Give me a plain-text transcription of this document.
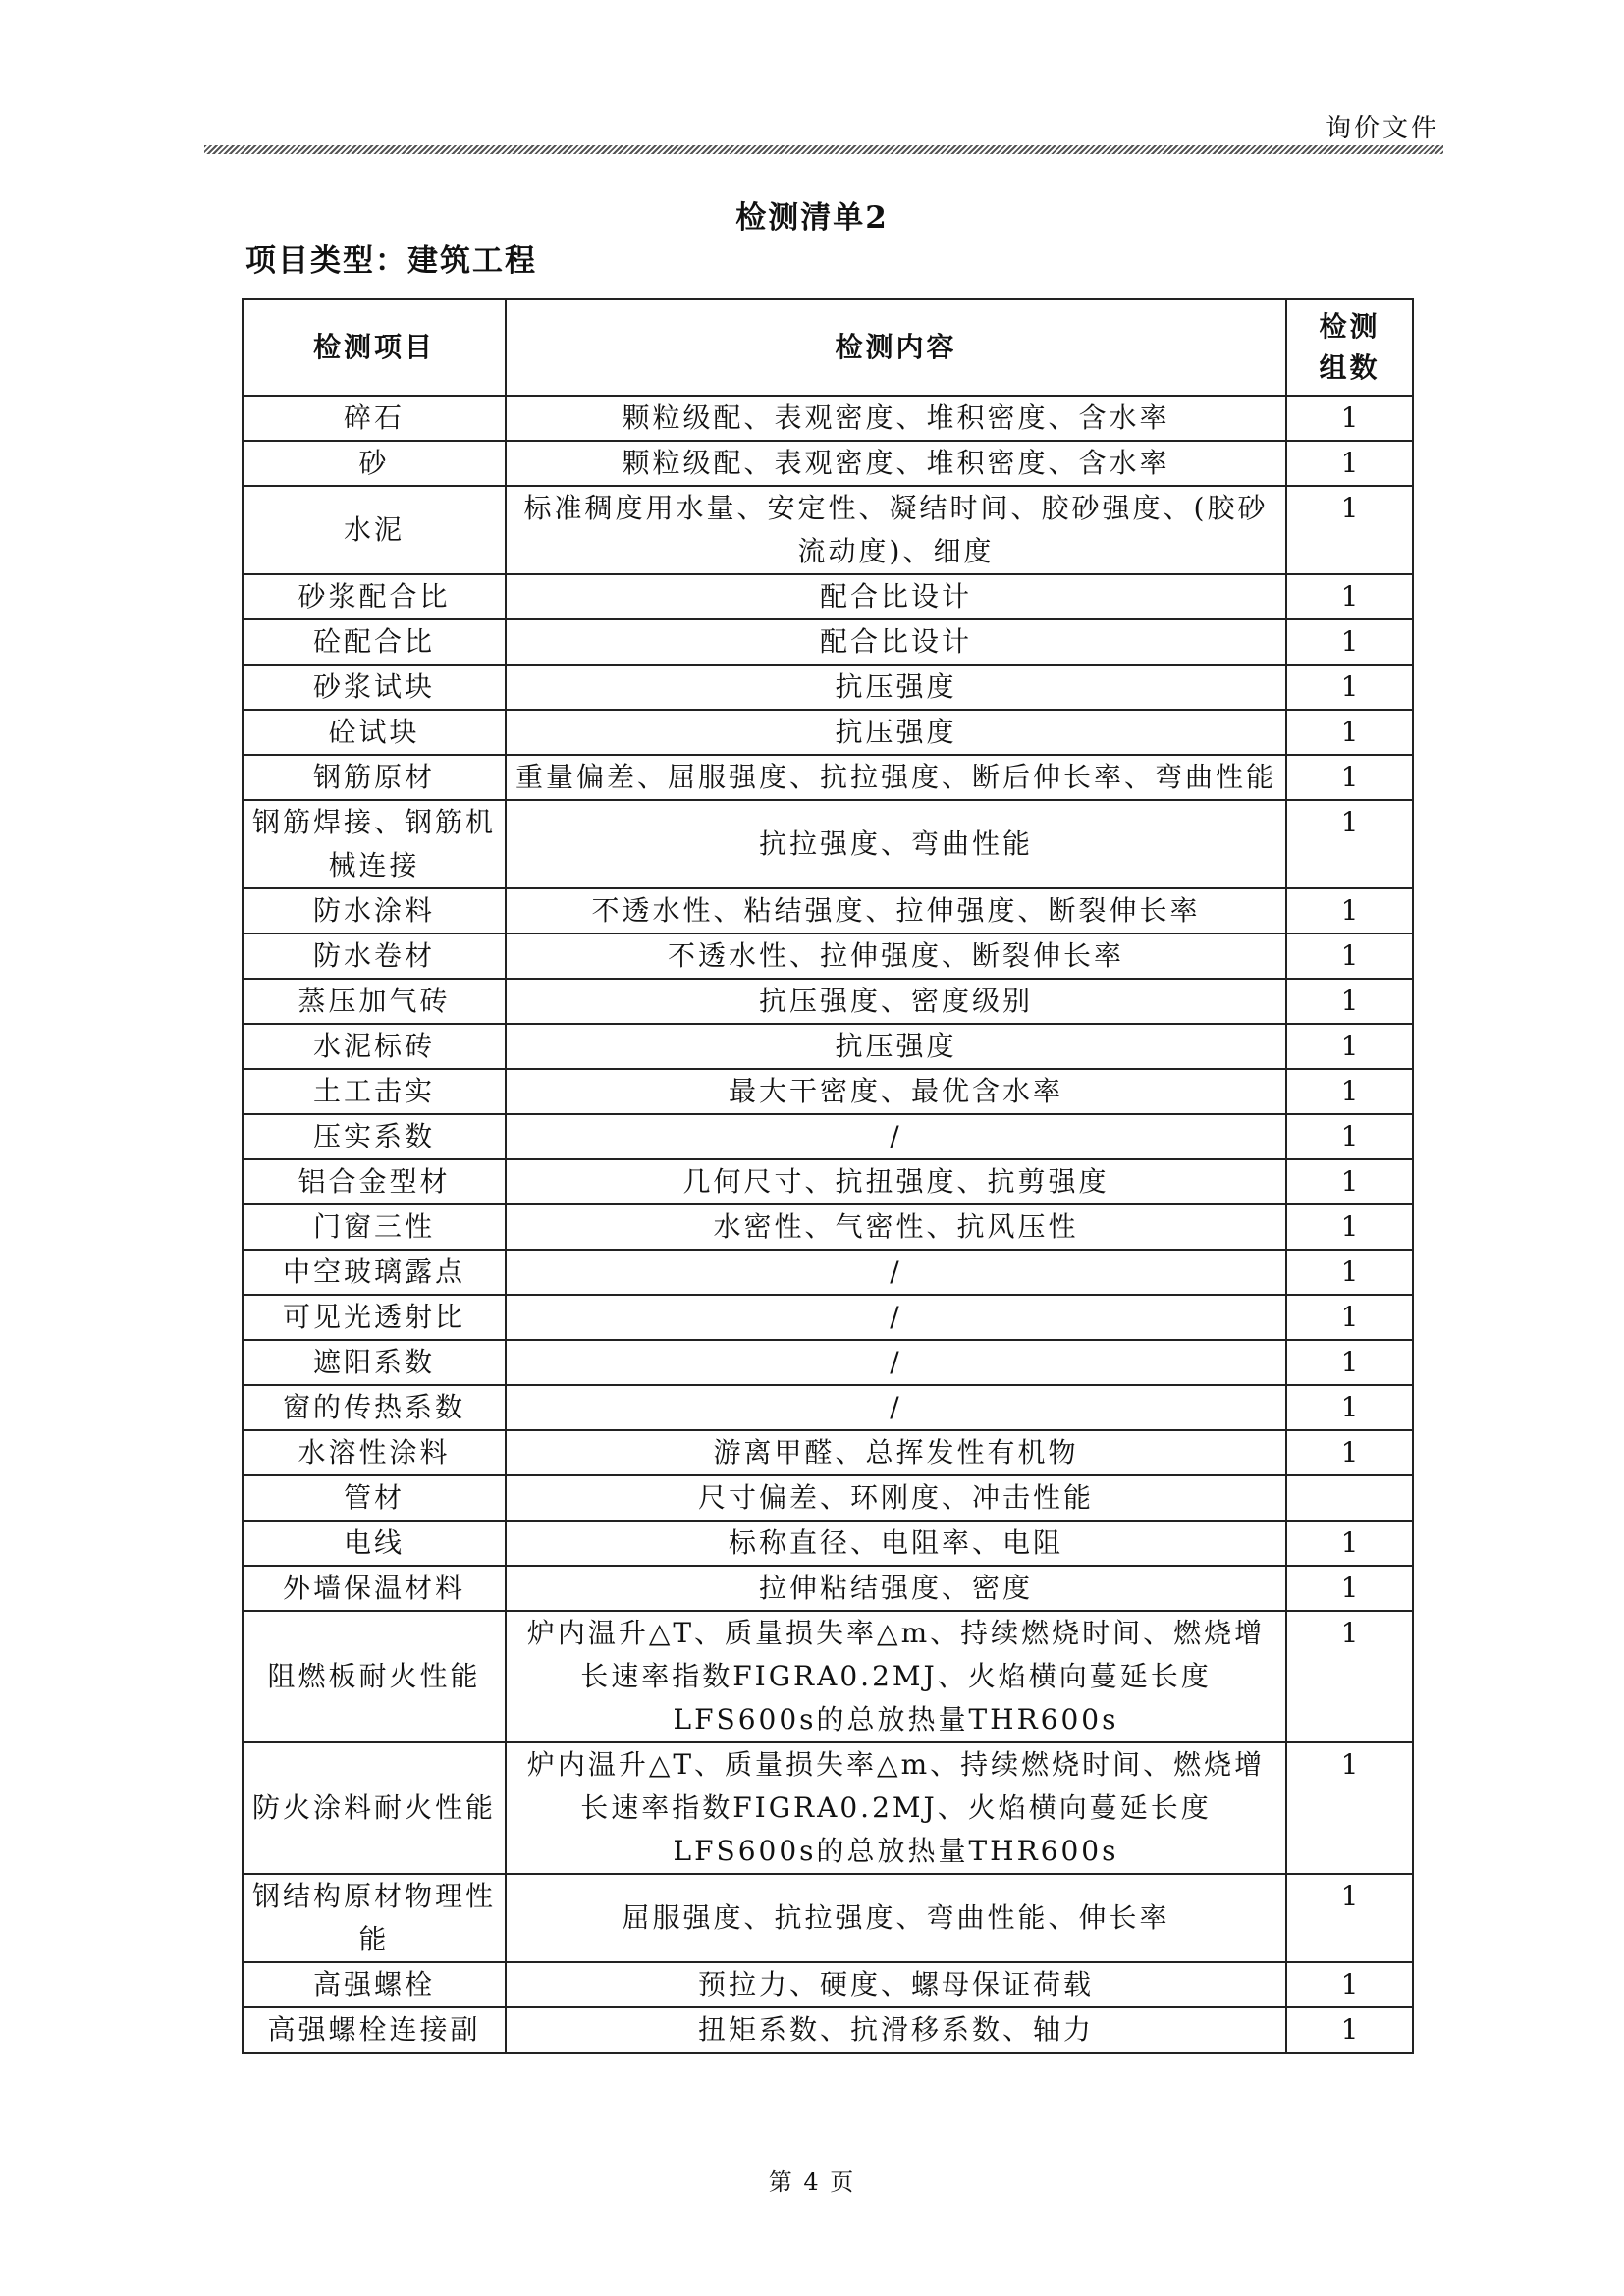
询价文件
检测清单2
项目类型：建筑工程
检测项目	检测内容	检测组数
碎石	颗粒级配、表观密度、堆积密度、含水率	1
砂	颗粒级配、表观密度、堆积密度、含水率	1
水泥	标准稠度用水量、安定性、凝结时间、胶砂强度、(胶砂流动度)、细度	1
砂浆配合比	配合比设计	1
砼配合比	配合比设计	1
砂浆试块	抗压强度	1
砼试块	抗压强度	1
钢筋原材	重量偏差、屈服强度、抗拉强度、断后伸长率、弯曲性能	1
钢筋焊接、钢筋机械连接	抗拉强度、弯曲性能	1
防水涂料	不透水性、粘结强度、拉伸强度、断裂伸长率	1
防水卷材	不透水性、拉伸强度、断裂伸长率	1
蒸压加气砖	抗压强度、密度级别	1
水泥标砖	抗压强度	1
土工击实	最大干密度、最优含水率	1
压实系数	/	1
铝合金型材	几何尺寸、抗扭强度、抗剪强度	1
门窗三性	水密性、气密性、抗风压性	1
中空玻璃露点	/	1
可见光透射比	/	1
遮阳系数	/	1
窗的传热系数	/	1
水溶性涂料	游离甲醛、总挥发性有机物	1
管材	尺寸偏差、环刚度、冲击性能	
电线	标称直径、电阻率、电阻	1
外墙保温材料	拉伸粘结强度、密度	1
阻燃板耐火性能	炉内温升△T、质量损失率△m、持续燃烧时间、燃烧增长速率指数FIGRA0.2MJ、火焰横向蔓延长度LFS600s的总放热量THR600s	1
防火涂料耐火性能	炉内温升△T、质量损失率△m、持续燃烧时间、燃烧增长速率指数FIGRA0.2MJ、火焰横向蔓延长度LFS600s的总放热量THR600s	1
钢结构原材物理性能	屈服强度、抗拉强度、弯曲性能、伸长率	1
高强螺栓	预拉力、硬度、螺母保证荷载	1
高强螺栓连接副	扭矩系数、抗滑移系数、轴力	1
第 4 页
